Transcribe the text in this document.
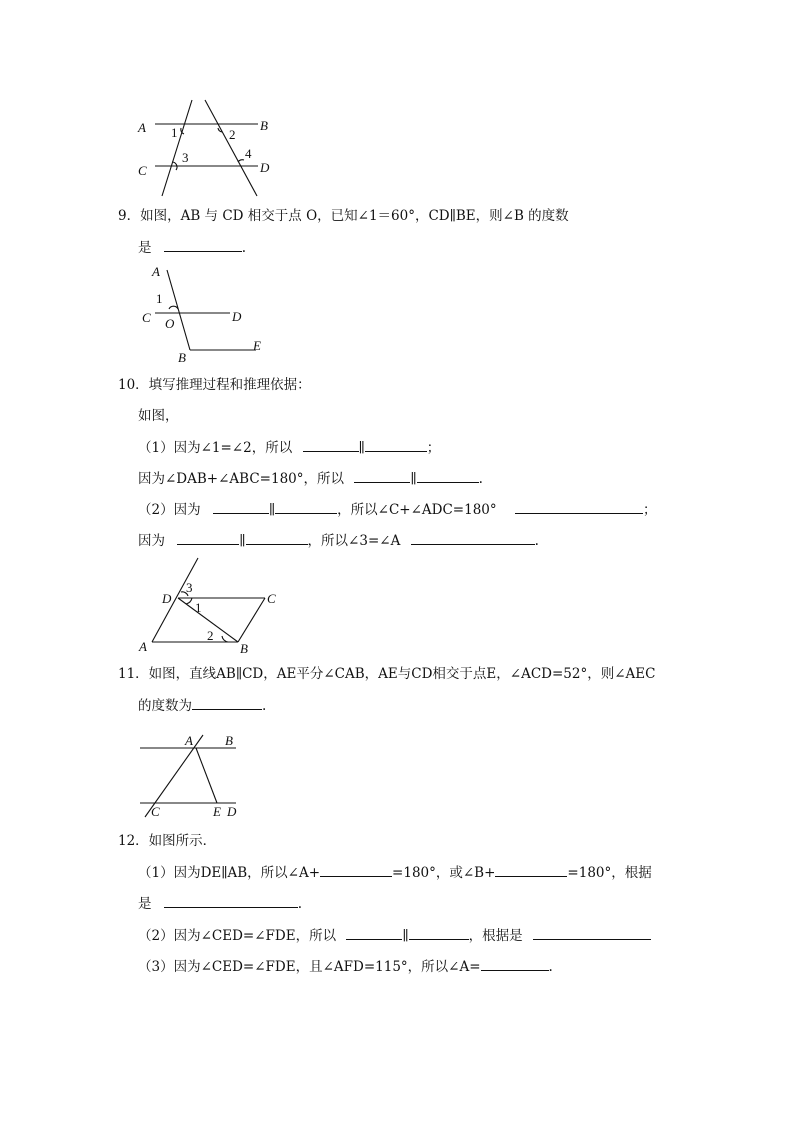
A	B
C	D
1	2
3	4
9．如图，AB 与 CD 相交于点 O，已知∠1＝60°，CD∥BE，则∠B 的度数
是	.
A
1
C O	D
B
E
10．填写推理过程和推理依据：
如图，
（1）因为∠1=∠2，所以	∥	；
因为∠DAB+∠ABC=180°，所以	∥	.
（2）因为	∥	，所以∠C+∠ADC=180°	；
因为	∥	，所以∠3=∠A	.
D	C
A	B
3
1
2
11．如图，直线AB∥CD，AE平分∠CAB，AE与CD相交于点E，∠ACD=52°，则∠AEC
的度数为	.
A B
C	E D
12．如图所示．
（1）因为DE∥AB，所以∠A+	=180°，或∠B+	=180°，根据
是	.
（2）因为∠CED=∠FDE，所以	∥	，根据是
（3）因为∠CED=∠FDE，且∠AFD=115°，所以∠A=	.
